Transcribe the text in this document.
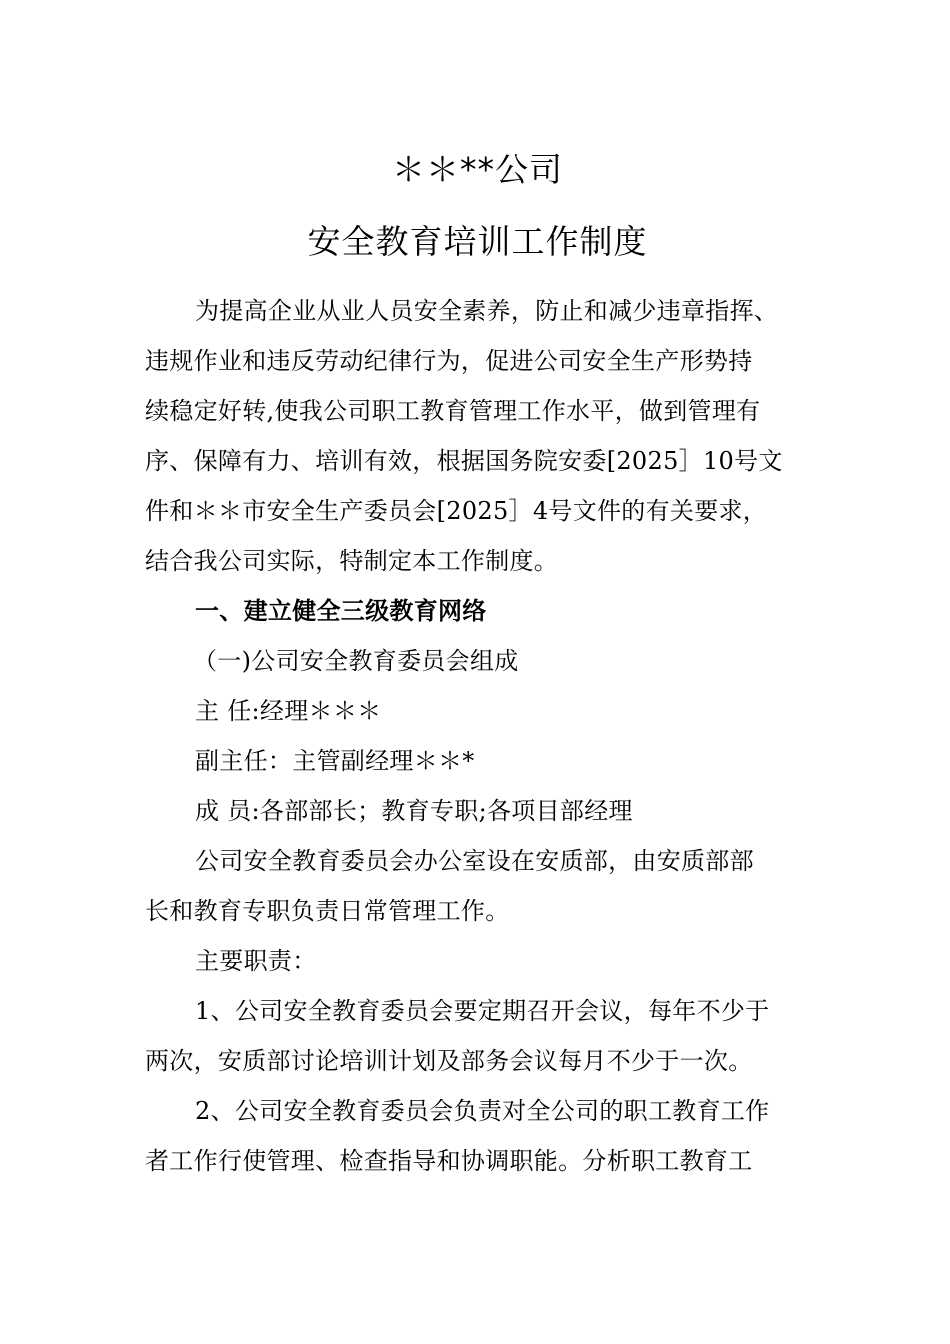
＊＊**公司
安全教育培训工作制度
为提高企业从业人员安全素养，防止和减少违章指挥、
违规作业和违反劳动纪律行为，促进公司安全生产形势持
续稳定好转,使我公司职工教育管理工作水平，做到管理有
序、保障有力、培训有效，根据国务院安委[2025］10号文
件和＊＊市安全生产委员会[2025］4号文件的有关要求，
结合我公司实际，特制定本工作制度。
一、建立健全三级教育网络
（一)公司安全教育委员会组成
主 任:经理＊＊＊
副主任：主管副经理＊＊*
成 员:各部部长；教育专职;各项目部经理
公司安全教育委员会办公室设在安质部，由安质部部
长和教育专职负责日常管理工作。
主要职责：
1、公司安全教育委员会要定期召开会议，每年不少于
两次，安质部讨论培训计划及部务会议每月不少于一次。
2、公司安全教育委员会负责对全公司的职工教育工作
者工作行使管理、检查指导和协调职能。分析职工教育工
